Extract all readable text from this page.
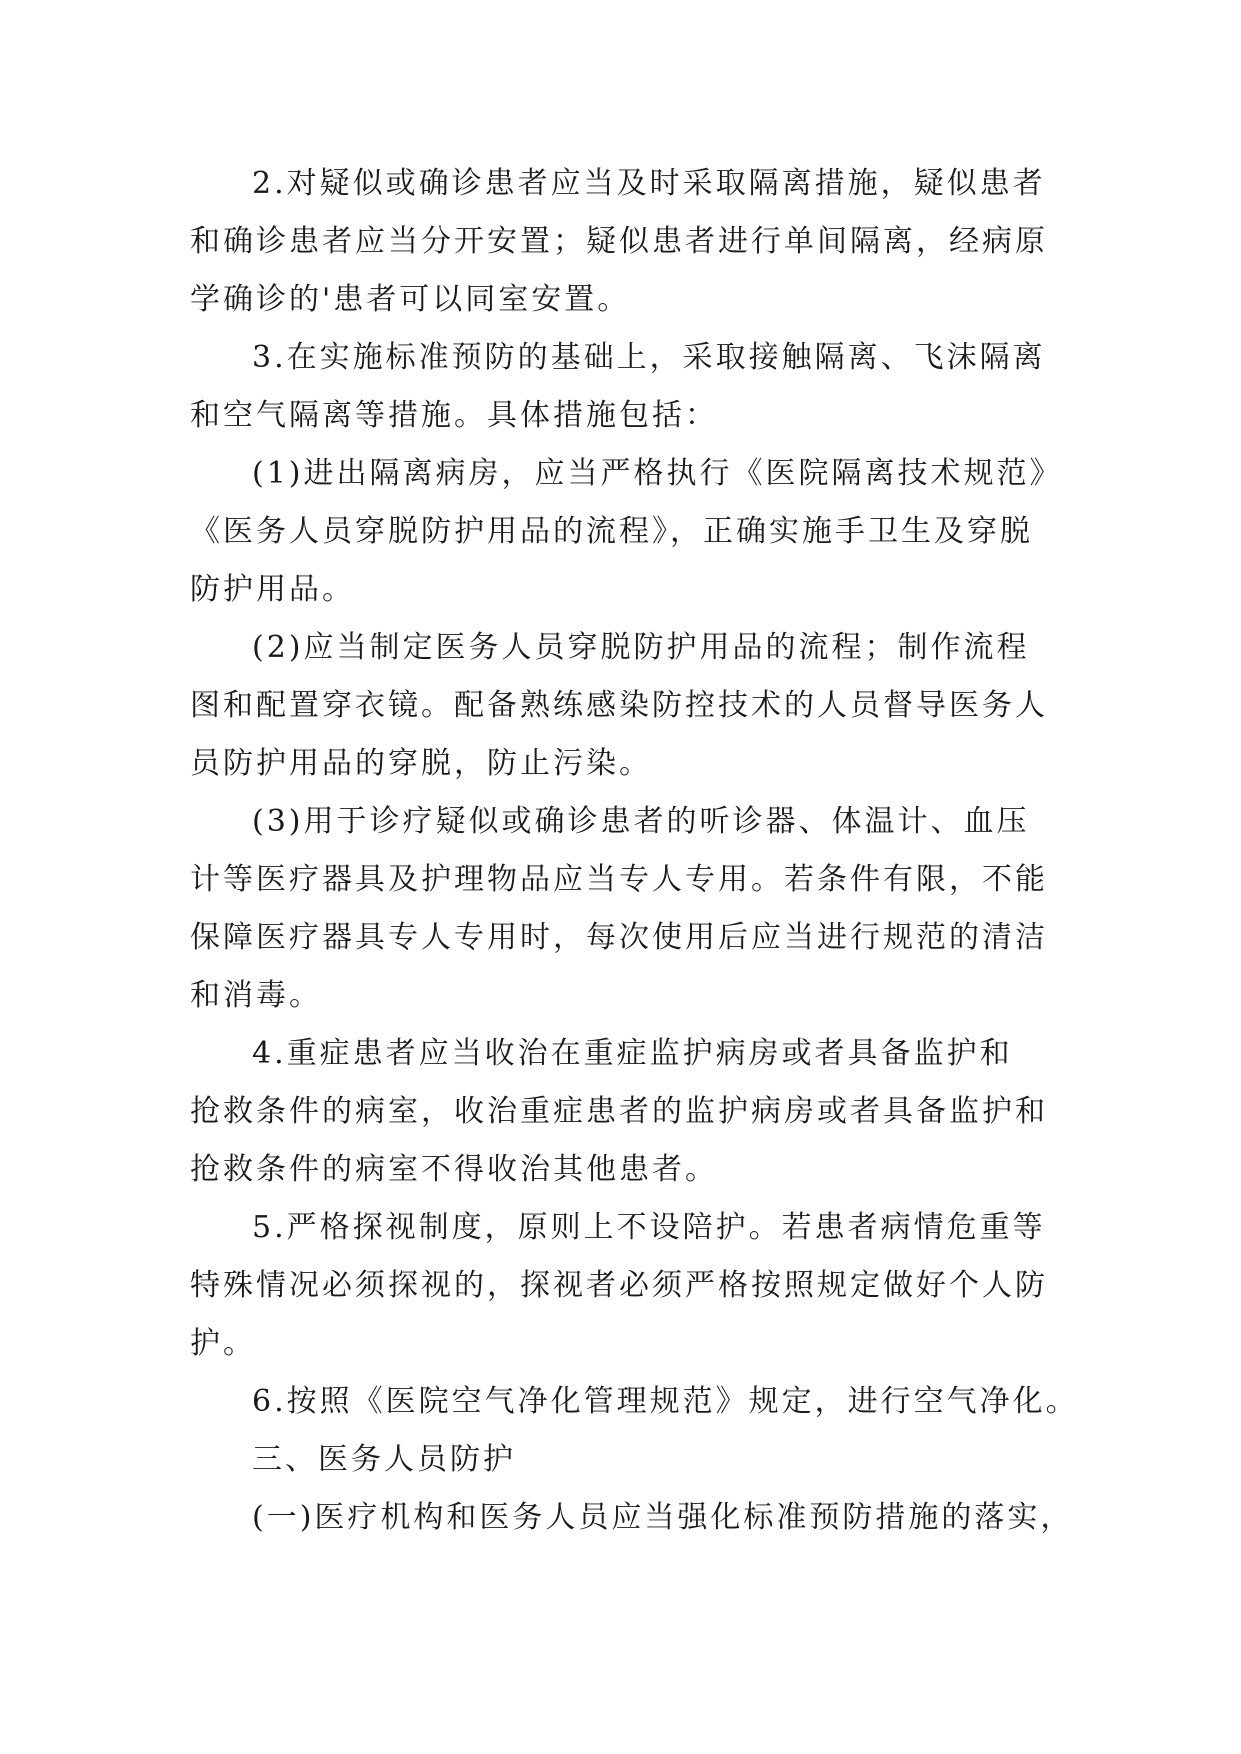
2.对疑似或确诊患者应当及时采取隔离措施，疑似患者
和确诊患者应当分开安置；疑似患者进行单间隔离，经病原
学确诊的'患者可以同室安置。
3.在实施标准预防的基础上，采取接触隔离、飞沫隔离
和空气隔离等措施。具体措施包括：
(1)进出隔离病房，应当严格执行《医院隔离技术规范》
《医务人员穿脱防护用品的流程》，正确实施手卫生及穿脱
防护用品。
(2)应当制定医务人员穿脱防护用品的流程；制作流程
图和配置穿衣镜。配备熟练感染防控技术的人员督导医务人
员防护用品的穿脱，防止污染。
(3)用于诊疗疑似或确诊患者的听诊器、体温计、血压
计等医疗器具及护理物品应当专人专用。若条件有限，不能
保障医疗器具专人专用时，每次使用后应当进行规范的清洁
和消毒。
4.重症患者应当收治在重症监护病房或者具备监护和
抢救条件的病室，收治重症患者的监护病房或者具备监护和
抢救条件的病室不得收治其他患者。
5.严格探视制度，原则上不设陪护。若患者病情危重等
特殊情况必须探视的，探视者必须严格按照规定做好个人防
护。
6.按照《医院空气净化管理规范》规定，进行空气净化。
三、医务人员防护
(一)医疗机构和医务人员应当强化标准预防措施的落实，
